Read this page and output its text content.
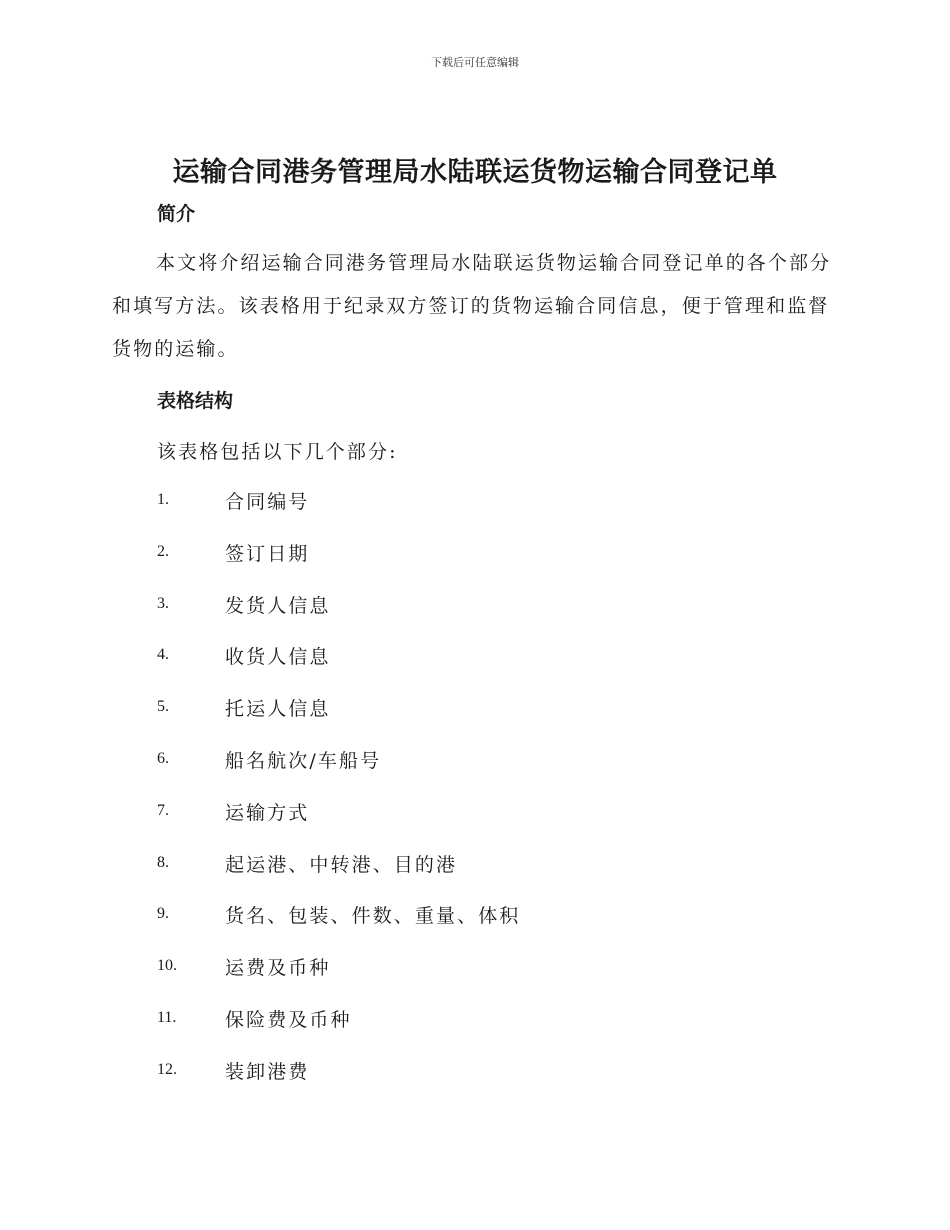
下载后可任意编辑
运输合同港务管理局水陆联运货物运输合同登记单
简介

本文将介绍运输合同港务管理局水陆联运货物运输合同登记单的各个部分和填写方法。该表格用于纪录双方签订的货物运输合同信息，便于管理和监督货物的运输。

表格结构
该表格包括以下几个部分:
1.	合同编号
2.	签订日期
3.	发货人信息
4.	收货人信息
5.	托运人信息
6.	船名航次/车船号
7.	运输方式
8.	起运港、中转港、目的港
9.	货名、包装、件数、重量、体积
10.	运费及币种
11.	保险费及币种
12.	装卸港费
